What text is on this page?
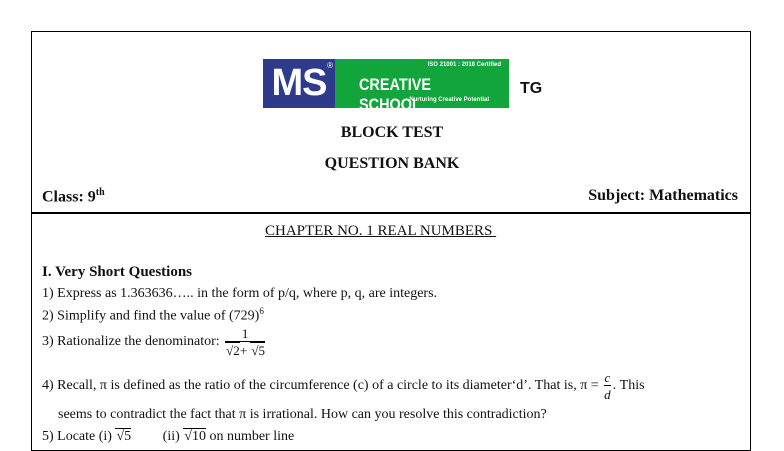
MS ®	ISO 21001 : 2018 Certified
CREATIVE SCHOOL
Nurturing Creative Potential
TG
BLOCK TEST
QUESTION BANK
Class: 9th	Subject: Mathematics
CHAPTER NO. 1 REAL NUMBERS
I. Very Short Questions
1) Express as 1.363636….. in the form of p/q, where p, q, are integers.
2) Simplify and find the value of $(729)^6$
3) Rationalize the denominator: $\frac{1}{√2+ √5}$
4) Recall, π is defined as the ratio of the circumference (c) of a circle to its diameter‘d’. That is, $\pi = \frac{c}{d}$ . This
seems to contradict the fact that π is irrational. How can you resolve this contradiction?
5) Locate (i) √5         (ii) √10 on number line
